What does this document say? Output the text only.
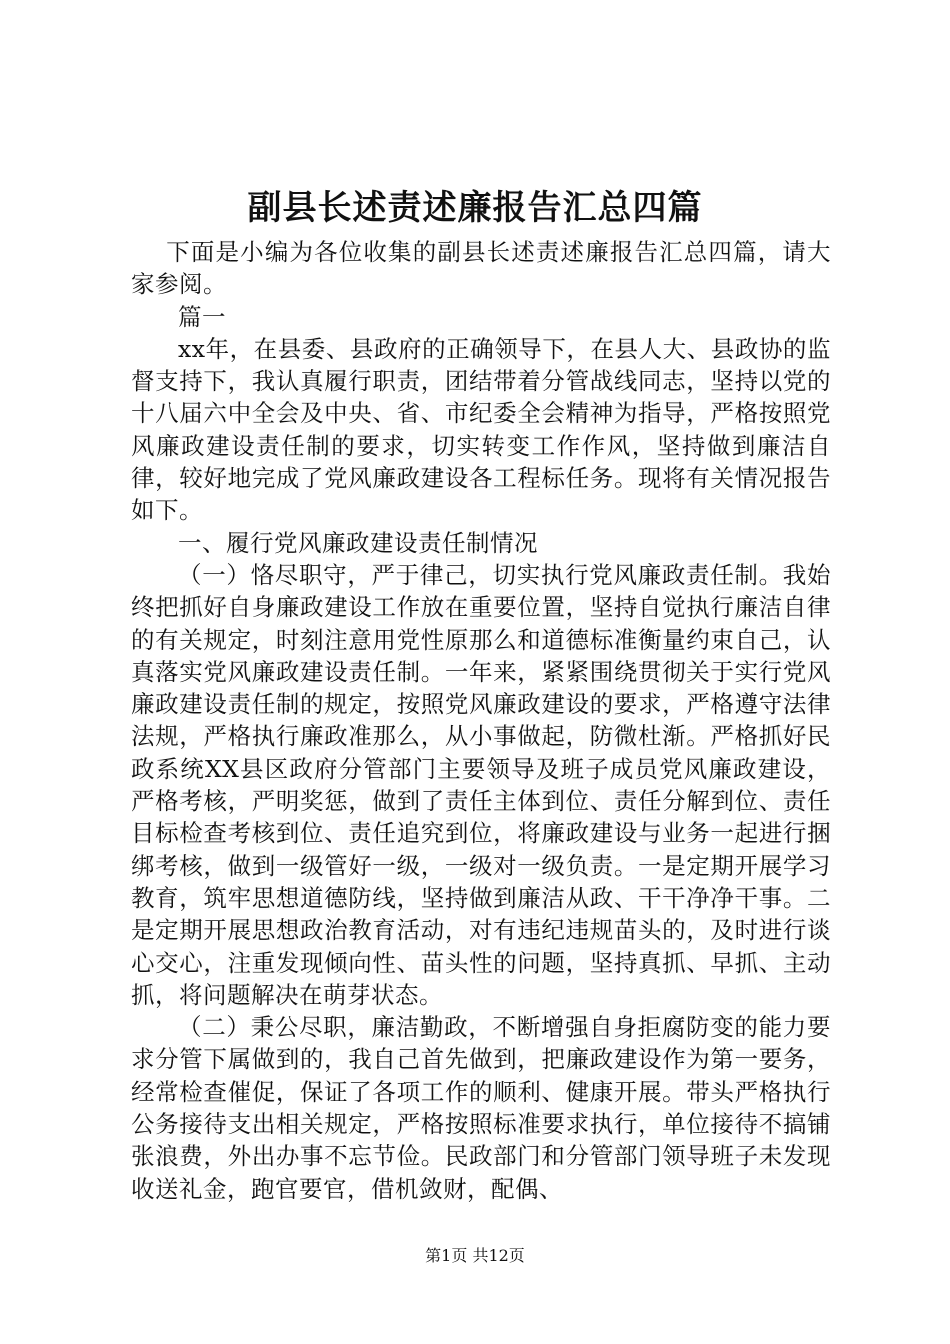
副县长述责述廉报告汇总四篇

下面是小编为各位收集的副县长述责述廉报告汇总四篇，请大家参阅。

篇一

xx年，在县委、县政府的正确领导下，在县人大、县政协的监督支持下，我认真履行职责，团结带着分管战线同志，坚持以党的十八届六中全会及中央、省、市纪委全会精神为指导，严格按照党风廉政建设责任制的要求，切实转变工作作风，坚持做到廉洁自律，较好地完成了党风廉政建设各工程标任务。现将有关情况报告如下。

一、履行党风廉政建设责任制情况

（一）恪尽职守，严于律己，切实执行党风廉政责任制。我始终把抓好自身廉政建设工作放在重要位置，坚持自觉执行廉洁自律的有关规定，时刻注意用党性原那么和道德标准衡量约束自己，认真落实党风廉政建设责任制。一年来，紧紧围绕贯彻关于实行党风廉政建设责任制的规定，按照党风廉政建设的要求，严格遵守法律法规，严格执行廉政准那么，从小事做起，防微杜渐。严格抓好民政系统XX县区政府分管部门主要领导及班子成员党风廉政建设，严格考核，严明奖惩，做到了责任主体到位、责任分解到位、责任目标检查考核到位、责任追究到位，将廉政建设与业务一起进行捆绑考核，做到一级管好一级，一级对一级负责。一是定期开展学习教育，筑牢思想道德防线，坚持做到廉洁从政、干干净净干事。二是定期开展思想政治教育活动，对有违纪违规苗头的，及时进行谈心交心，注重发现倾向性、苗头性的问题，坚持真抓、早抓、主动抓，将问题解决在萌芽状态。

（二）秉公尽职，廉洁勤政，不断增强自身拒腐防变的能力要求分管下属做到的，我自己首先做到，把廉政建设作为第一要务，经常检查催促，保证了各项工作的顺利、健康开展。带头严格执行公务接待支出相关规定，严格按照标准要求执行，单位接待不搞铺张浪费，外出办事不忘节俭。民政部门和分管部门领导班子未发现收送礼金，跑官要官，借机敛财，配偶、

第1页 共12页
